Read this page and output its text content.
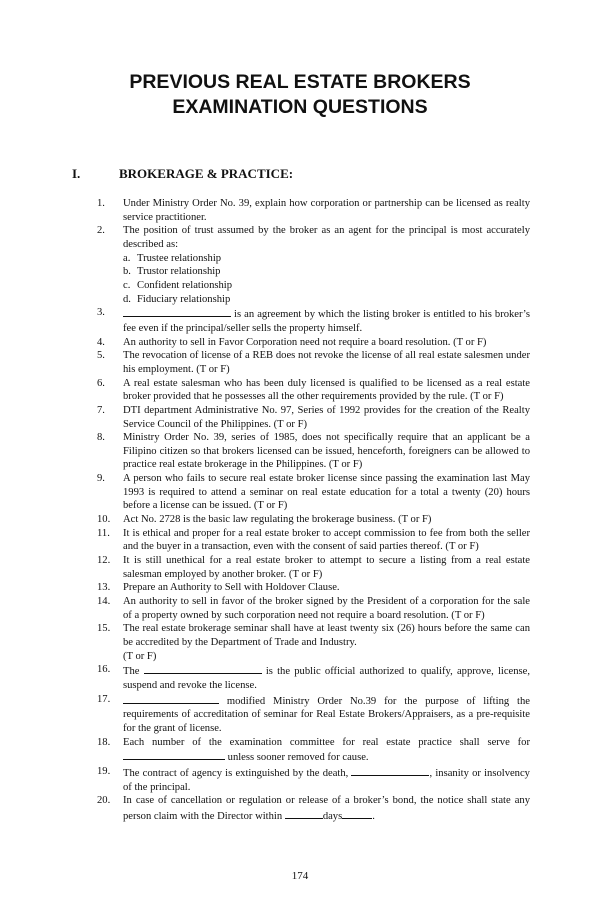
PREVIOUS REAL ESTATE BROKERS
EXAMINATION QUESTIONS
I.	BROKERAGE & PRACTICE:
1. Under Ministry Order No. 39, explain how corporation or partnership can be licensed as realty service practitioner.
2. The position of trust assumed by the broker as an agent for the principal is most accurately described as:
a. Trustee relationship
b. Trustor relationship
c. Confident relationship
d. Fiduciary relationship
3.	is an agreement by which the listing broker is entitled to his broker’s fee even if the principal/seller sells the property himself.
4. An authority to sell in Favor Corporation need not require a board resolution. (T or F)
5. The revocation of license of a REB does not revoke the license of all real estate salesmen under his employment. (T or F)
6. A real estate salesman who has been duly licensed is qualified to be licensed as a real estate broker provided that he possesses all the other requirements provided by the rule. (T or F)
7. DTI department Administrative No. 97, Series of 1992 provides for the creation of the Realty Service Council of the Philippines. (T or F)
8. Ministry Order No. 39, series of 1985, does not specifically require that an applicant be a Filipino citizen so that brokers licensed can be issued, henceforth, foreigners can be allowed to practice real estate brokerage in the Philippines. (T or F)
9. A person who fails to secure real estate broker license since passing the examination last May 1993 is required to attend a seminar on real estate education for a total a twenty (20) hours before a license can be issued. (T or F)
10. Act No. 2728 is the basic law regulating the brokerage business. (T or F)
11. It is ethical and proper for a real estate broker to accept commission to fee from both the seller and the buyer in a transaction, even with the consent of said parties thereof. (T or F)
12. It is still unethical for a real estate broker to attempt to secure a listing from a real estate salesman employed by another broker. (T or F)
13. Prepare an Authority to Sell with Holdover Clause.
14. An authority to sell in favor of the broker signed by the President of a corporation for the sale of a property owned by such corporation need not require a board resolution. (T or F)
15. The real estate brokerage seminar shall have at least twenty six (26) hours before the same can be accredited by the Department of Trade and Industry.
(T or F)
16. The	is the public official authorized to qualify, approve, license, suspend and revoke the license.
17.	modified Ministry Order No.39 for the purpose of lifting the requirements of accreditation of seminar for Real Estate Brokers/Appraisers, as a pre-requisite for the grant of license.
18. Each number of the examination committee for real estate practice shall serve for  unless sooner removed for cause.
19. The contract of agency is extinguished by the death,	, insanity or insolvency of the principal.
20. In case of cancellation or regulation or release of a broker’s bond, the notice shall state any person claim with the Director within	days	.
174
